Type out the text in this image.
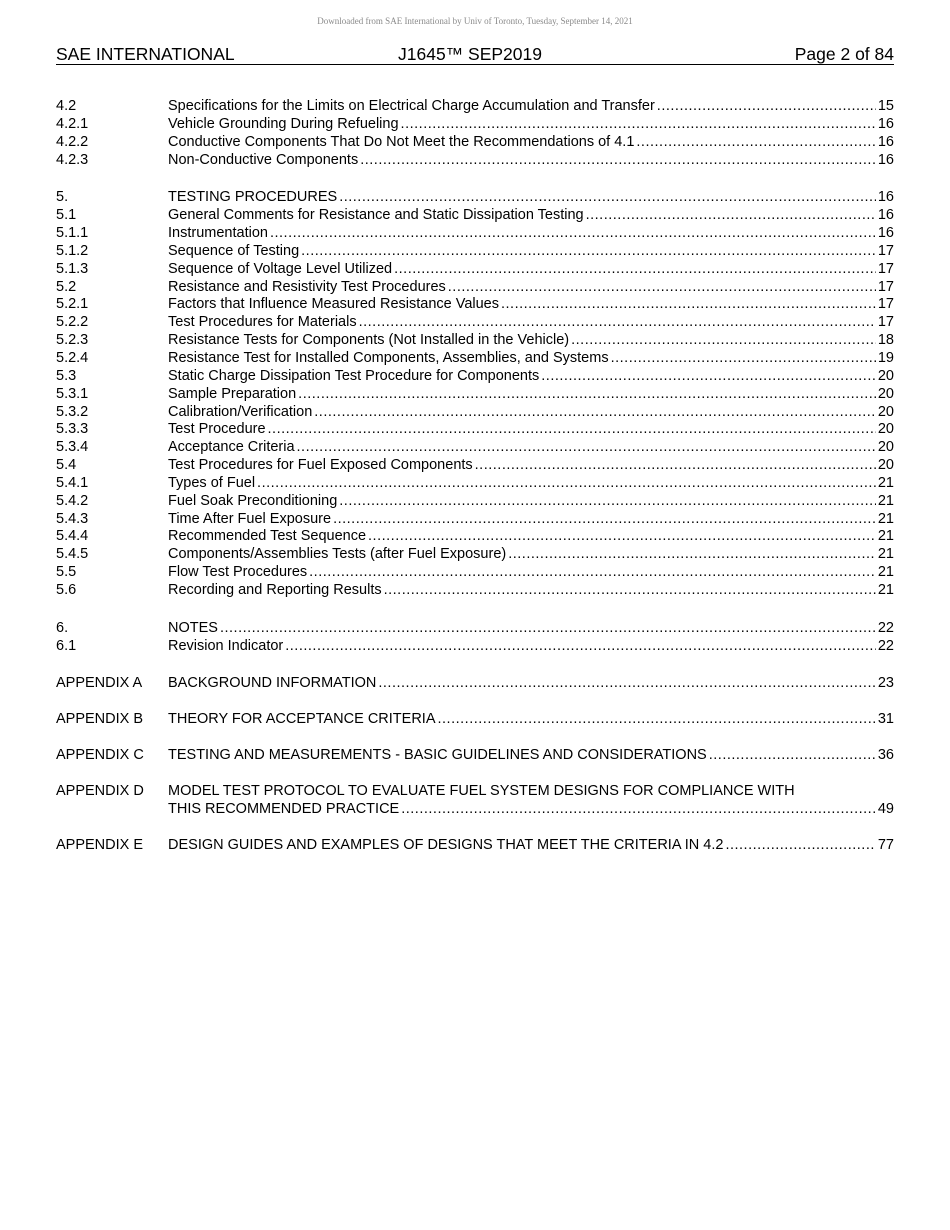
Downloaded from SAE International by Univ of Toronto, Tuesday, September 14, 2021
SAE INTERNATIONAL	J1645™ SEP2019	Page 2 of 84
4.2	Specifications for the Limits on Electrical Charge Accumulation and Transfer .....	15
4.2.1	Vehicle Grounding During Refueling .....	16
4.2.2	Conductive Components That Do Not Meet the Recommendations of 4.1 .....	16
4.2.3	Non-Conductive Components .....	16
5.	TESTING PROCEDURES .....	16
5.1	General Comments for Resistance and Static Dissipation Testing .....	16
5.1.1	Instrumentation .....	16
5.1.2	Sequence of Testing .....	17
5.1.3	Sequence of Voltage Level Utilized .....	17
5.2	Resistance and Resistivity Test Procedures .....	17
5.2.1	Factors that Influence Measured Resistance Values .....	17
5.2.2	Test Procedures for Materials .....	17
5.2.3	Resistance Tests for Components (Not Installed in the Vehicle) .....	18
5.2.4	Resistance Test for Installed Components, Assemblies, and Systems .....	19
5.3	Static Charge Dissipation Test Procedure for Components .....	20
5.3.1	Sample Preparation .....	20
5.3.2	Calibration/Verification .....	20
5.3.3	Test Procedure .....	20
5.3.4	Acceptance Criteria .....	20
5.4	Test Procedures for Fuel Exposed Components .....	20
5.4.1	Types of Fuel .....	21
5.4.2	Fuel Soak Preconditioning .....	21
5.4.3	Time After Fuel Exposure .....	21
5.4.4	Recommended Test Sequence .....	21
5.4.5	Components/Assemblies Tests (after Fuel Exposure) .....	21
5.5	Flow Test Procedures .....	21
5.6	Recording and Reporting Results .....	21
6.	NOTES .....	22
6.1	Revision Indicator .....	22
APPENDIX A BACKGROUND INFORMATION .....	23
APPENDIX B THEORY FOR ACCEPTANCE CRITERIA .....	31
APPENDIX C TESTING AND MEASUREMENTS - BASIC GUIDELINES AND CONSIDERATIONS .....	36
APPENDIX D MODEL TEST PROTOCOL TO EVALUATE FUEL SYSTEM DESIGNS FOR COMPLIANCE WITH
THIS RECOMMENDED PRACTICE .....	49
APPENDIX E DESIGN GUIDES AND EXAMPLES OF DESIGNS THAT MEET THE CRITERIA IN 4.2 .....	77
